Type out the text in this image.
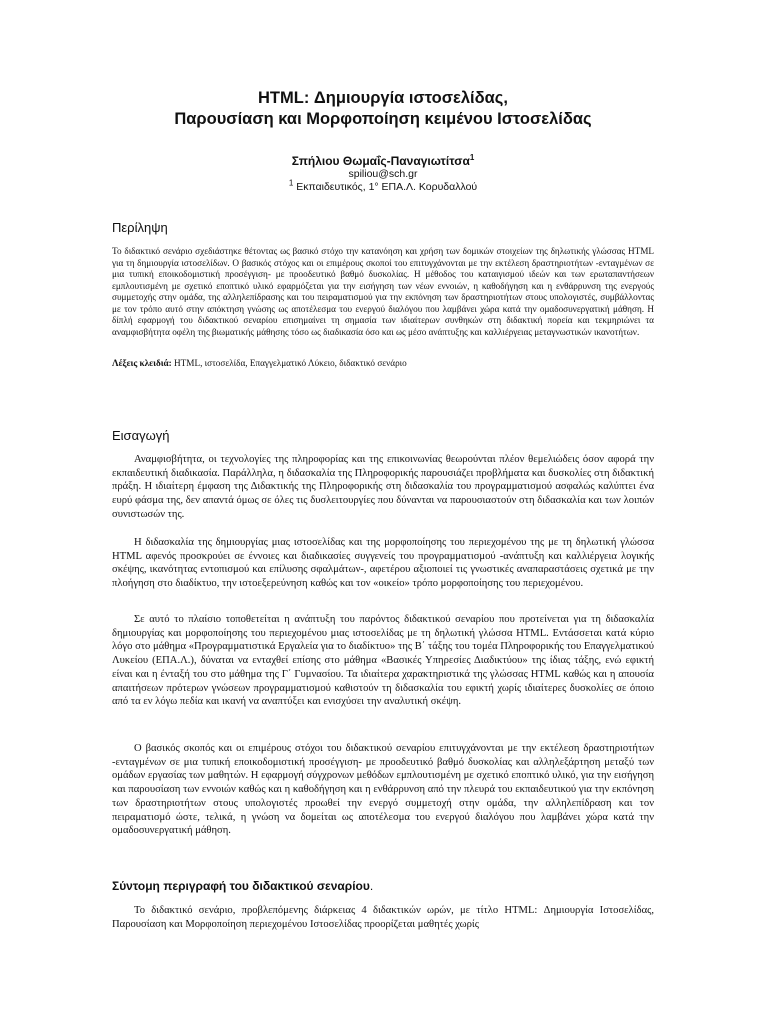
HTML: Δημιουργία ιστοσελίδας,

Παρουσίαση και Μορφοποίηση κειμένου Ιστοσελίδας

Σπήλιου Θωμαΐς-Παναγιωτίτσα$^1$
spiliou@sch.gr
$^1$ Εκπαιδευτικός, 1° ΕΠΑ.Λ. Κορυδαλλού

Περίληψη

Το διδακτικό σενάριο σχεδιάστηκε θέτοντας ως βασικό στόχο την κατανόηση και χρήση των δομικών στοιχείων της δηλωτικής γλώσσας HTML για τη δημιουργία ιστοσελίδων. Ο βασικός στόχος και οι επιμέρους σκοποί του επιτυγχάνονται με την εκτέλεση δραστηριοτήτων -ενταγμένων σε μια τυπική εποικοδομιστική προσέγγιση- με προοδευτικό βαθμό δυσκολίας. Η μέθοδος του καταιγισμού ιδεών και των ερωταπαντήσεων εμπλουτισμένη με σχετικό εποπτικό υλικό εφαρμόζεται για την εισήγηση των νέων εννοιών, η καθοδήγηση και η ενθάρρυνση της ενεργούς συμμετοχής στην ομάδα, της αλληλεπίδρασης και του πειραματισμού για την εκπόνηση των δραστηριοτήτων στους υπολογιστές, συμβάλλοντας με τον τρόπο αυτό στην απόκτηση γνώσης ως αποτέλεσμα του ενεργού διαλόγου που λαμβάνει χώρα κατά την ομαδοσυνεργατική μάθηση. Η δίπλή εφαρμογή του διδακτικού σεναρίου επισημαίνει τη σημασία των ιδιαίτερων συνθηκών στη διδακτική πορεία και τεκμηριώνει τα αναμφισβήτητα οφέλη της βιωματικής μάθησης τόσο ως διαδικασία όσο και ως μέσο ανάπτυξης και καλλιέργειας μεταγνωστικών ικανοτήτων.

Λέξεις κλειδιά: HTML, ιστοσελίδα, Επαγγελματικό Λύκειο, διδακτικό σενάριο

Εισαγωγή

Αναμφισβήτητα, οι τεχνολογίες της πληροφορίας και της επικοινωνίας θεωρούνται πλέον θεμελιώδεις όσον αφορά την εκπαιδευτική διαδικασία. Παράλληλα, η διδασκαλία της Πληροφορικής παρουσιάζει προβλήματα και δυσκολίες στη διδακτική πράξη. Η ιδιαίτερη έμφαση της Διδακτικής της Πληροφορικής στη διδασκαλία του προγραμματισμού ασφαλώς καλύπτει ένα ευρύ φάσμα της, δεν απαντά όμως σε όλες τις δυσλειτουργίες που δύνανται να παρουσιαστούν στη διδασκαλία και των λοιπών συνιστωσών της.

Η διδασκαλία της δημιουργίας μιας ιστοσελίδας και της μορφοποίησης του περιεχομένου της με τη δηλωτική γλώσσα HTML αφενός προσκρούει σε έννοιες και διαδικασίες συγγενείς του προγραμματισμού -ανάπτυξη και καλλιέργεια λογικής σκέψης, ικανότητας εντοπισμού και επίλυσης σφαλμάτων-, αφετέρου αξιοποιεί τις γνωστικές αναπαραστάσεις σχετικά με την πλοήγηση στο διαδίκτυο, την ιστοεξερεύνηση καθώς και τον «οικείο» τρόπο μορφοποίησης του περιεχομένου.

Σε αυτό το πλαίσιο τοποθετείται η ανάπτυξη του παρόντος διδακτικού σεναρίου που προτείνεται για τη διδασκαλία δημιουργίας και μορφοποίησης του περιεχομένου μιας ιστοσελίδας με τη δηλωτική γλώσσα HTML. Εντάσσεται κατά κύριο λόγο στο μάθημα «Προγραμματιστικά Εργαλεία για το διαδίκτυο» της Β΄ τάξης του τομέα Πληροφορικής του Επαγγελματικού Λυκείου (ΕΠΑ.Λ.), δύναται να ενταχθεί επίσης στο μάθημα «Βασικές Υπηρεσίες Διαδικτύου» της ίδιας τάξης, ενώ εφικτή είναι και η ένταξή του στο μάθημα της Γ΄ Γυμνασίου. Τα ιδιαίτερα χαρακτηριστικά της γλώσσας HTML καθώς και η απουσία απαιτήσεων πρότερων γνώσεων προγραμματισμού καθιστούν τη διδασκαλία του εφικτή χωρίς ιδιαίτερες δυσκολίες σε όποιο από τα εν λόγω πεδία και ικανή να αναπτύξει και ενισχύσει την αναλυτική σκέψη.

Ο βασικός σκοπός και οι επιμέρους στόχοι του διδακτικού σεναρίου επιτυγχάνονται με την εκτέλεση δραστηριοτήτων -ενταγμένων σε μια τυπική εποικοδομιστική προσέγγιση- με προοδευτικό βαθμό δυσκολίας και αλληλεξάρτηση μεταξύ των ομάδων εργασίας των μαθητών. Η εφαρμογή σύγχρονων μεθόδων εμπλουτισμένη με σχετικό εποπτικό υλικό, για την εισήγηση και παρουσίαση των εννοιών καθώς και η καθοδήγηση και η ενθάρρυνση από την πλευρά του εκπαιδευτικού για την εκπόνηση των δραστηριοτήτων στους υπολογιστές προωθεί την ενεργό συμμετοχή στην ομάδα, την αλληλεπίδραση και τον πειραματισμό ώστε, τελικά, η γνώση να δομείται ως αποτέλεσμα του ενεργού διαλόγου που λαμβάνει χώρα κατά την ομαδοσυνεργατική μάθηση.

Σύντομη περιγραφή του διδακτικού σεναρίου.

Το διδακτικό σενάριο, προβλεπόμενης διάρκειας 4 διδακτικών ωρών, με τίτλο HTML: Δημιουργία Ιστοσελίδας, Παρουσίαση και Μορφοποίηση περιεχομένου Ιστοσελίδας προορίζεται μαθητές χωρίς
